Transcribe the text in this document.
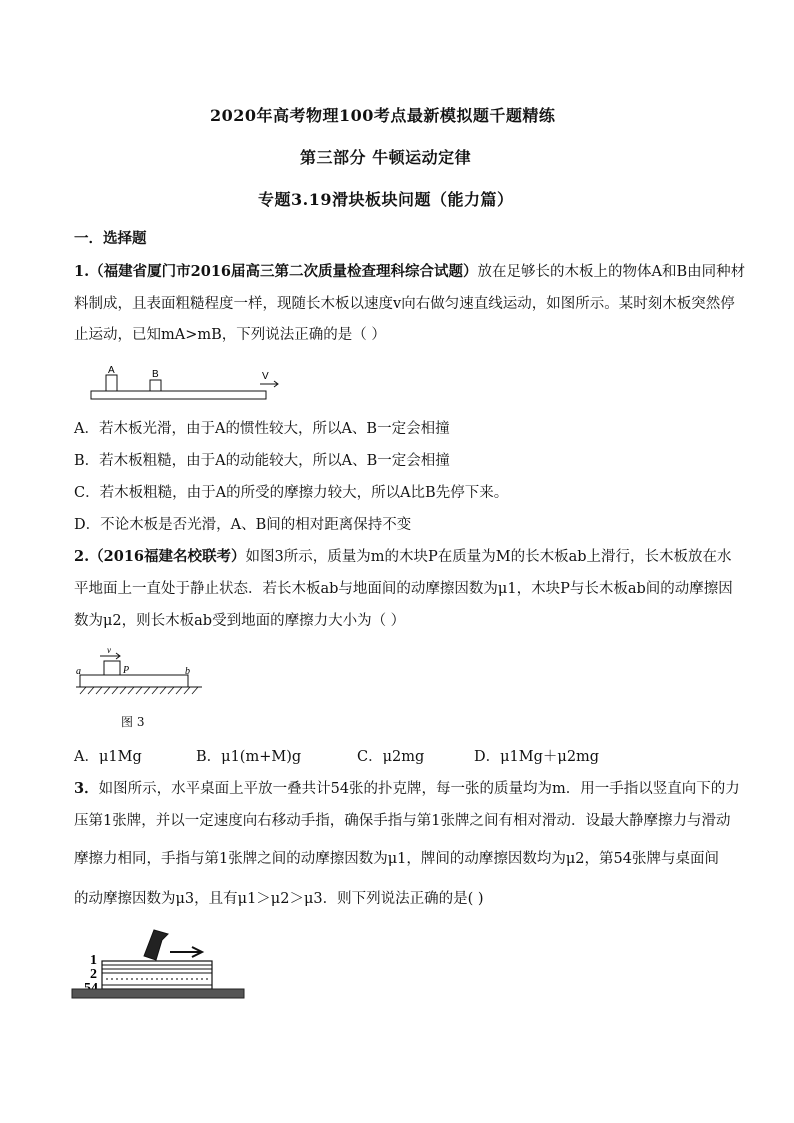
2020年高考物理100考点最新模拟题千题精练
第三部分 牛顿运动定律
专题3.19滑块板块问题（能力篇）
一．选择题
1.（福建省厦门市2016届高三第二次质量检查理科综合试题）放在足够长的木板上的物体A和B由同种材
料制成，且表面粗糙程度一样，现随长木板以速度v向右做匀速直线运动，如图所示。某时刻木板突然停
止运动，已知mA>mB，下列说法正确的是（ ）
A	B	V
A．若木板光滑，由于A的惯性较大，所以A、B一定会相撞
B．若木板粗糙，由于A的动能较大，所以A、B一定会相撞
C．若木板粗糙，由于A的所受的摩擦力较大，所以A比B先停下来。
D．不论木板是否光滑，A、B间的相对距离保持不变
2.（2016福建名校联考）如图3所示，质量为m的木块P在质量为M的长木板ab上滑行，长木板放在水
平地面上一直处于静止状态．若长木板ab与地面间的动摩擦因数为μ1，木块P与长木板ab间的动摩擦因
数为μ2，则长木板ab受到地面的摩擦力大小为（ ）
v
P
a	b
图 3
A．μ1Mg	B．μ1(m+M)g	C．μ2mg	D．μ1Mg＋μ2mg
3．如图所示，水平桌面上平放一叠共计54张的扑克牌，每一张的质量均为m．用一手指以竖直向下的力
压第1张牌，并以一定速度向右移动手指，确保手指与第1张牌之间有相对滑动．设最大静摩擦力与滑动
摩擦力相同，手指与第1张牌之间的动摩擦因数为μ1，牌间的动摩擦因数均为μ2，第54张牌与桌面间
的动摩擦因数为μ3，且有μ1＞μ2＞μ3．则下列说法正确的是( )
1
2
